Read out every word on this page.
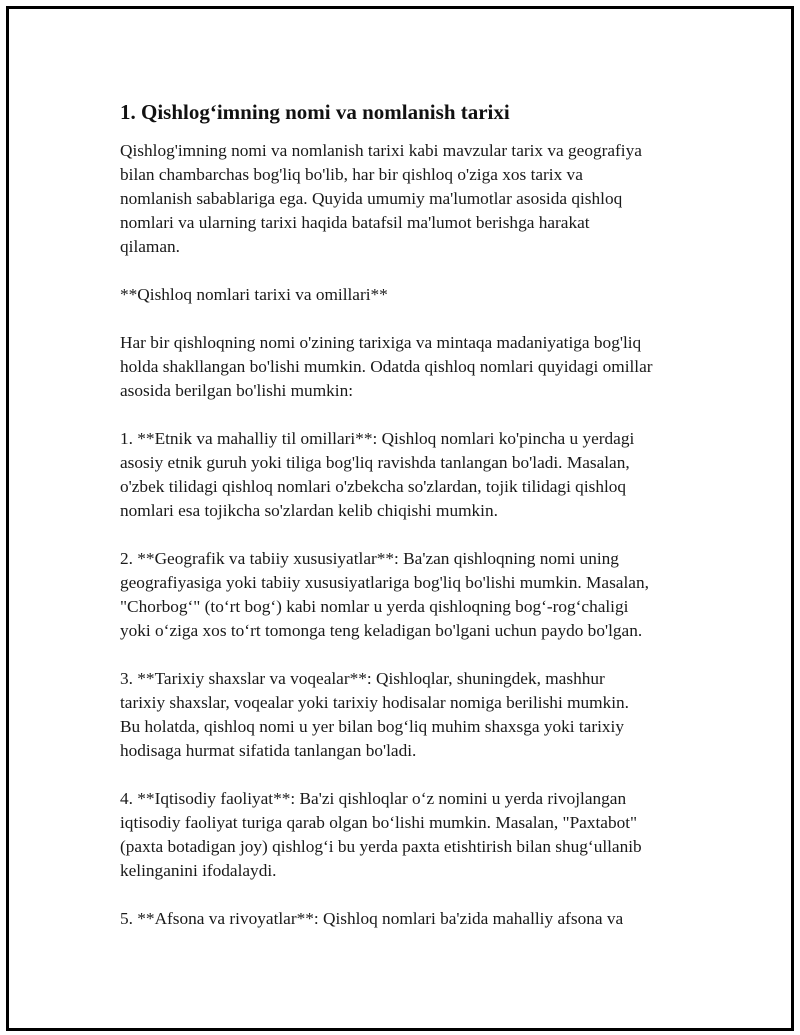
1. Qishlog‘imning nomi va nomlanish tarixi

Qishlog'imning nomi va nomlanish tarixi kabi mavzular tarix va geografiya
bilan chambarchas bog'liq bo'lib, har bir qishloq o'ziga xos tarix va
nomlanish sabablariga ega. Quyida umumiy ma'lumotlar asosida qishloq
nomlari va ularning tarixi haqida batafsil ma'lumot berishga harakat
qilaman.

**Qishloq nomlari tarixi va omillari**

Har bir qishloqning nomi o'zining tarixiga va mintaqa madaniyatiga bog'liq
holda shakllangan bo'lishi mumkin. Odatda qishloq nomlari quyidagi omillar
asosida berilgan bo'lishi mumkin:

1. **Etnik va mahalliy til omillari**: Qishloq nomlari ko'pincha u yerdagi
asosiy etnik guruh yoki tiliga bog'liq ravishda tanlangan bo'ladi. Masalan,
o'zbek tilidagi qishloq nomlari o'zbekcha so'zlardan, tojik tilidagi qishloq
nomlari esa tojikcha so'zlardan kelib chiqishi mumkin.

2. **Geografik va tabiiy xususiyatlar**: Ba'zan qishloqning nomi uning
geografiyasiga yoki tabiiy xususiyatlariga bog'liq bo'lishi mumkin. Masalan,
"Chorbog‘" (to‘rt bog‘) kabi nomlar u yerda qishloqning bog‘-rog‘chaligi
yoki o‘ziga xos to‘rt tomonga teng keladigan bo'lgani uchun paydo bo'lgan.

3. **Tarixiy shaxslar va voqealar**: Qishloqlar, shuningdek, mashhur
tarixiy shaxslar, voqealar yoki tarixiy hodisalar nomiga berilishi mumkin.
Bu holatda, qishloq nomi u yer bilan bog‘liq muhim shaxsga yoki tarixiy
hodisaga hurmat sifatida tanlangan bo'ladi.

4. **Iqtisodiy faoliyat**: Ba'zi qishloqlar o‘z nomini u yerda rivojlangan
iqtisodiy faoliyat turiga qarab olgan bo‘lishi mumkin. Masalan, "Paxtabot"
(paxta botadigan joy) qishlog‘i bu yerda paxta etishtirish bilan shug‘ullanib
kelinganini ifodalaydi.

5. **Afsona va rivoyatlar**: Qishloq nomlari ba'zida mahalliy afsona va
